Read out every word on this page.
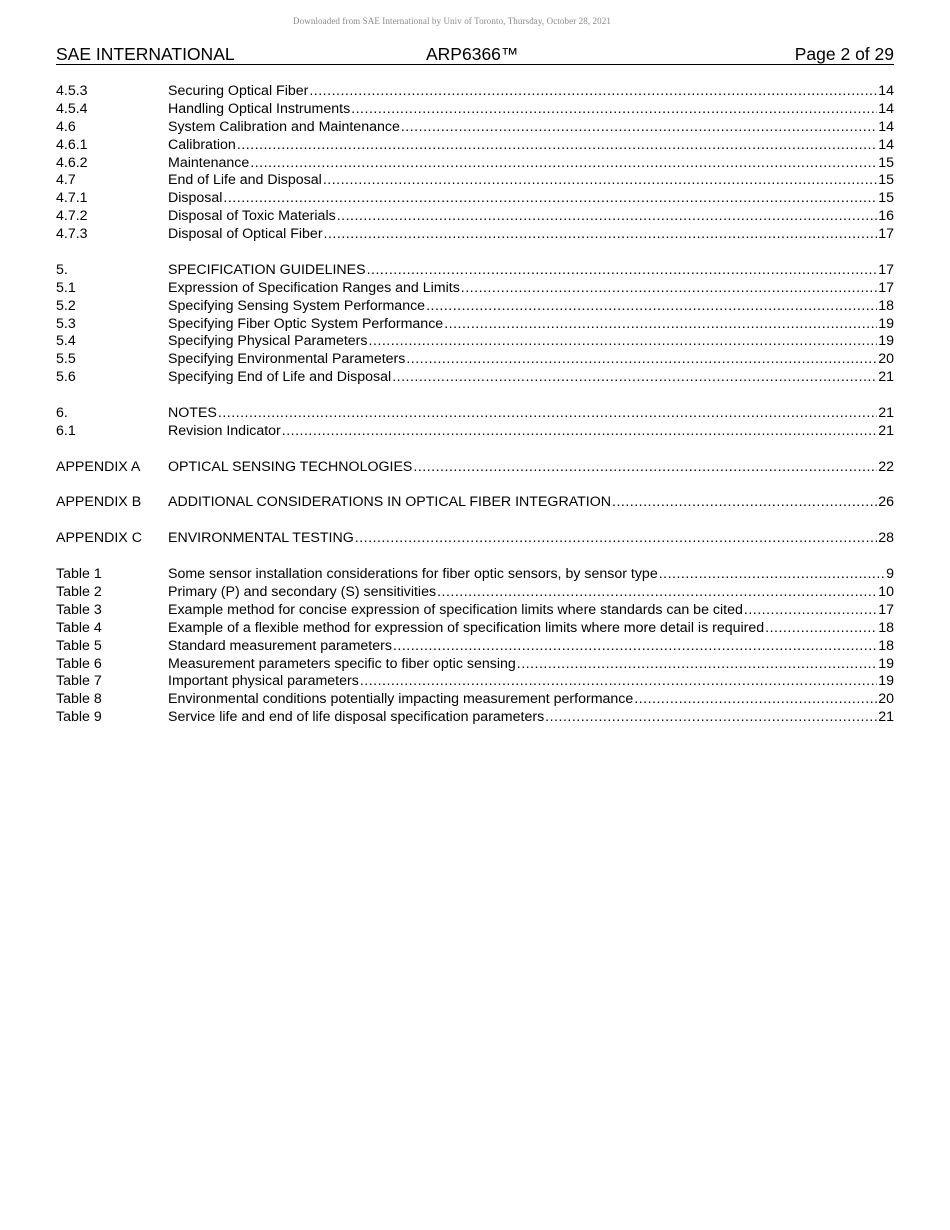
Downloaded from SAE International by Univ of Toronto, Thursday, October 28, 2021
SAE INTERNATIONAL	ARP6366™	Page 2 of 29
4.5.3	Securing Optical Fiber .....	14
4.5.4	Handling Optical Instruments .....	14
4.6	System Calibration and Maintenance .....	14
4.6.1	Calibration .....	14
4.6.2	Maintenance .....	15
4.7	End of Life and Disposal .....	15
4.7.1	Disposal .....	15
4.7.2	Disposal of Toxic Materials .....	16
4.7.3	Disposal of Optical Fiber .....	17
5.	SPECIFICATION GUIDELINES .....	17
5.1	Expression of Specification Ranges and Limits .....	17
5.2	Specifying Sensing System Performance .....	18
5.3	Specifying Fiber Optic System Performance .....	19
5.4	Specifying Physical Parameters .....	19
5.5	Specifying Environmental Parameters .....	20
5.6	Specifying End of Life and Disposal .....	21
6.	NOTES .....	21
6.1	Revision Indicator .....	21
APPENDIX A	OPTICAL SENSING TECHNOLOGIES .....	22
APPENDIX B	ADDITIONAL CONSIDERATIONS IN OPTICAL FIBER INTEGRATION .....	26
APPENDIX C	ENVIRONMENTAL TESTING .....	28
Table 1	Some sensor installation considerations for fiber optic sensors, by sensor type .....	9
Table 2	Primary (P) and secondary (S) sensitivities .....	10
Table 3	Example method for concise expression of specification limits where standards can be cited .....	17
Table 4	Example of a flexible method for expression of specification limits where more detail is required .....	18
Table 5	Standard measurement parameters .....	18
Table 6	Measurement parameters specific to fiber optic sensing .....	19
Table 7	Important physical parameters .....	19
Table 8	Environmental conditions potentially impacting measurement performance .....	20
Table 9	Service life and end of life disposal specification parameters .....	21
